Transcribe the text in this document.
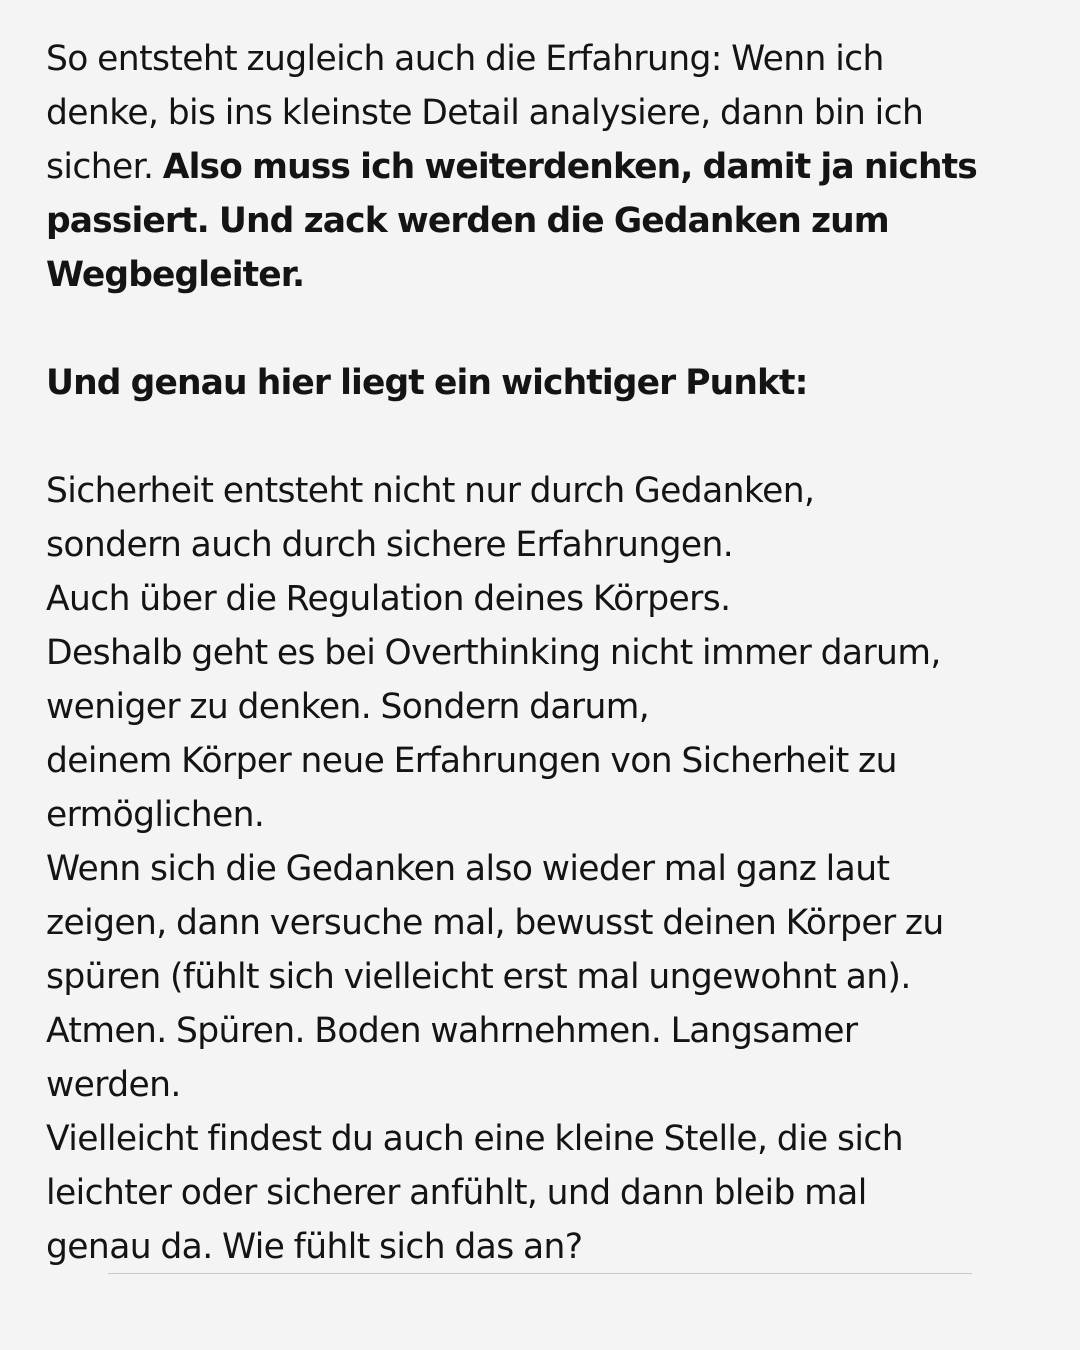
So entsteht zugleich auch die Erfahrung: Wenn ich
denke, bis ins kleinste Detail analysiere, dann bin ich
sicher. Also muss ich weiterdenken, damit ja nichts
passiert. Und zack werden die Gedanken zum
Wegbegleiter.
Und genau hier liegt ein wichtiger Punkt:
Sicherheit entsteht nicht nur durch Gedanken,
sondern auch durch sichere Erfahrungen.
Auch über die Regulation deines Körpers.
Deshalb geht es bei Overthinking nicht immer darum,
weniger zu denken. Sondern darum,
deinem Körper neue Erfahrungen von Sicherheit zu
ermöglichen.
Wenn sich die Gedanken also wieder mal ganz laut
zeigen, dann versuche mal, bewusst deinen Körper zu
spüren (fühlt sich vielleicht erst mal ungewohnt an).
Atmen. Spüren. Boden wahrnehmen. Langsamer
werden.
Vielleicht findest du auch eine kleine Stelle, die sich
leichter oder sicherer anfühlt, und dann bleib mal
genau da. Wie fühlt sich das an?
